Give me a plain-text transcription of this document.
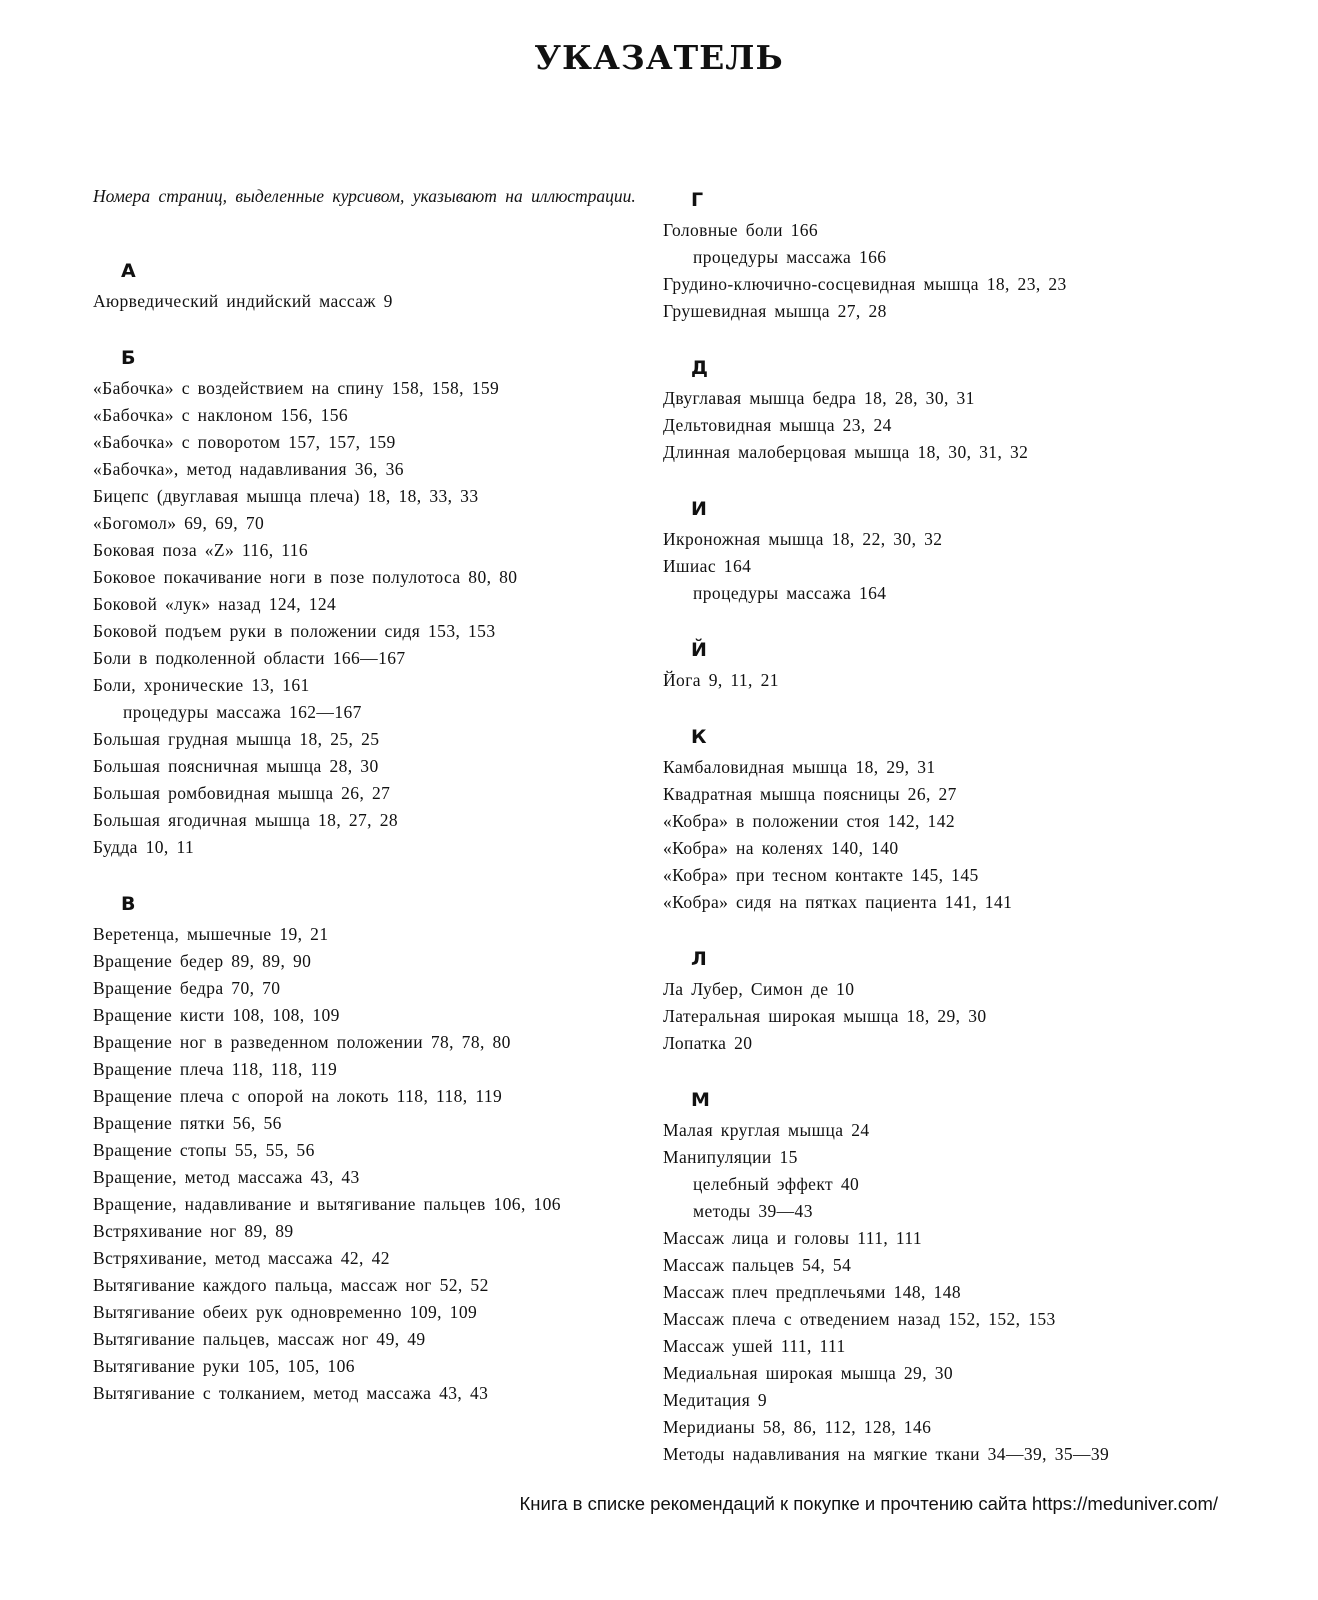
УКАЗАТЕЛЬ

Номера страниц, выделенные курсивом, указывают на иллюстрации.

А
Аюрведический индийский массаж 9
Б
«Бабочка» с воздействием на спину 158, 158, 159
«Бабочка» с наклоном 156, 156
«Бабочка» с поворотом 157, 157, 159
«Бабочка», метод надавливания 36, 36
Бицепс (двуглавая мышца плеча) 18, 18, 33, 33
«Богомол» 69, 69, 70
Боковая поза «Z» 116, 116
Боковое покачивание ноги в позе полулотоса 80, 80
Боковой «лук» назад 124, 124
Боковой подъем руки в положении сидя 153, 153
Боли в подколенной области 166—167
Боли, хронические 13, 161
процедуры массажа 162—167
Большая грудная мышца 18, 25, 25
Большая поясничная мышца 28, 30
Большая ромбовидная мышца 26, 27
Большая ягодичная мышца 18, 27, 28
Будда 10, 11
В
Веретенца, мышечные 19, 21
Вращение бедер 89, 89, 90
Вращение бедра 70, 70
Вращение кисти 108, 108, 109
Вращение ног в разведенном положении 78, 78, 80
Вращение плеча 118, 118, 119
Вращение плеча с опорой на локоть 118, 118, 119
Вращение пятки 56, 56
Вращение стопы 55, 55, 56
Вращение, метод массажа 43, 43
Вращение, надавливание и вытягивание пальцев 106, 106
Встряхивание ног 89, 89
Встряхивание, метод массажа 42, 42
Вытягивание каждого пальца, массаж ног 52, 52
Вытягивание обеих рук одновременно 109, 109
Вытягивание пальцев, массаж ног 49, 49
Вытягивание руки 105, 105, 106
Вытягивание с толканием, метод массажа 43, 43
Г
Головные боли 166
процедуры массажа 166
Грудино-ключично-сосцевидная мышца 18, 23, 23
Грушевидная мышца 27, 28
Д
Двуглавая мышца бедра 18, 28, 30, 31
Дельтовидная мышца 23, 24
Длинная малоберцовая мышца 18, 30, 31, 32
И
Икроножная мышца 18, 22, 30, 32
Ишиас 164
процедуры массажа 164
Й
Йога 9, 11, 21
К
Камбаловидная мышца 18, 29, 31
Квадратная мышца поясницы 26, 27
«Кобра» в положении стоя 142, 142
«Кобра» на коленях 140, 140
«Кобра» при тесном контакте 145, 145
«Кобра» сидя на пятках пациента 141, 141
Л
Ла Лубер, Симон де 10
Латеральная широкая мышца 18, 29, 30
Лопатка 20
М
Малая круглая мышца 24
Манипуляции 15
целебный эффект 40
методы 39—43
Массаж лица и головы 111, 111
Массаж пальцев 54, 54
Массаж плеч предплечьями 148, 148
Массаж плеча с отведением назад 152, 152, 153
Массаж ушей 111, 111
Медиальная широкая мышца 29, 30
Медитация 9
Меридианы 58, 86, 112, 128, 146
Методы надавливания на мягкие ткани 34—39, 35—39
Книга в списке рекомендаций к покупке и прочтению сайта https://meduniver.com/
